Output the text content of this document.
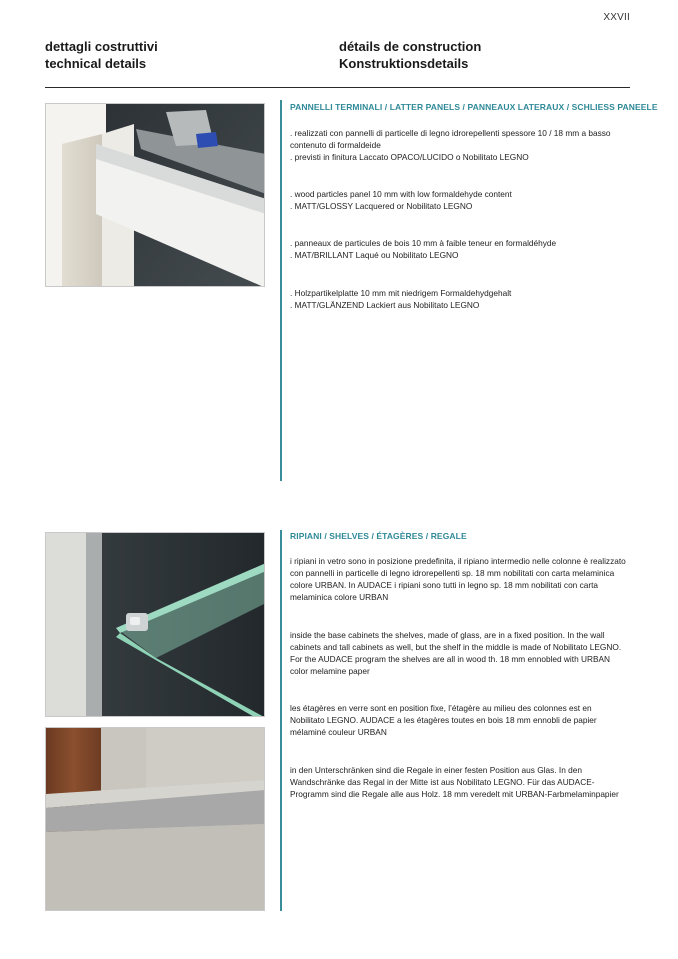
XXVII
dettagli costruttivi
technical details
détails de construction
Konstruktionsdetails
PANNELLI TERMINALI / LATTER PANELS / PANNEAUX LATERAUX / SCHLIESS PANEELE

. realizzati con pannelli di particelle di legno idrorepellenti spessore 10 / 18 mm a basso contenuto di formaldeide

. previsti in finitura Laccato OPACO/LUCIDO o Nobilitato LEGNO

. wood particles panel 10 mm with low formaldehyde content

. MATT/GLOSSY Lacquered or Nobilitato LEGNO

. panneaux de particules de bois 10 mm à faible teneur en formaldéhyde

. MAT/BRILLANT Laqué ou Nobilitato LEGNO

. Holzpartikelplatte 10 mm mit niedrigem Formaldehydgehalt

. MATT/GLÄNZEND Lackiert aus Nobilitato LEGNO

RIPIANI / SHELVES / ÉTAGÈRES / REGALE
i ripiani in vetro sono in posizione predefinita, il ripiano intermedio nelle colonne è realizzato con pannelli in particelle di legno idrorepellenti sp. 18 mm nobilitati con carta melaminica colore URBAN. In AUDACE i ripiani sono tutti in legno sp. 18 mm nobilitati con carta melaminica colore URBAN
inside the base cabinets the shelves, made of glass, are in a fixed position. In the wall cabinets and tall cabinets as well, but the shelf in the middle is made of Nobilitato LEGNO. For the AUDACE program the shelves are all in wood th. 18 mm ennobled with URBAN color melamine paper
les étagères en verre sont en position fixe, l’étagère au milieu des colonnes est en Nobilitato LEGNO. AUDACE a les étagères toutes en bois 18 mm ennobli de papier mélaminé couleur URBAN
in den Unterschränken sind die Regale in einer festen Position aus Glas. In den Wandschränke das Regal in der Mitte ist aus Nobilitato LEGNO. Für das AUDACE-Programm sind die Regale alle aus Holz. 18 mm veredelt mit URBAN-Farbmelaminpapier
